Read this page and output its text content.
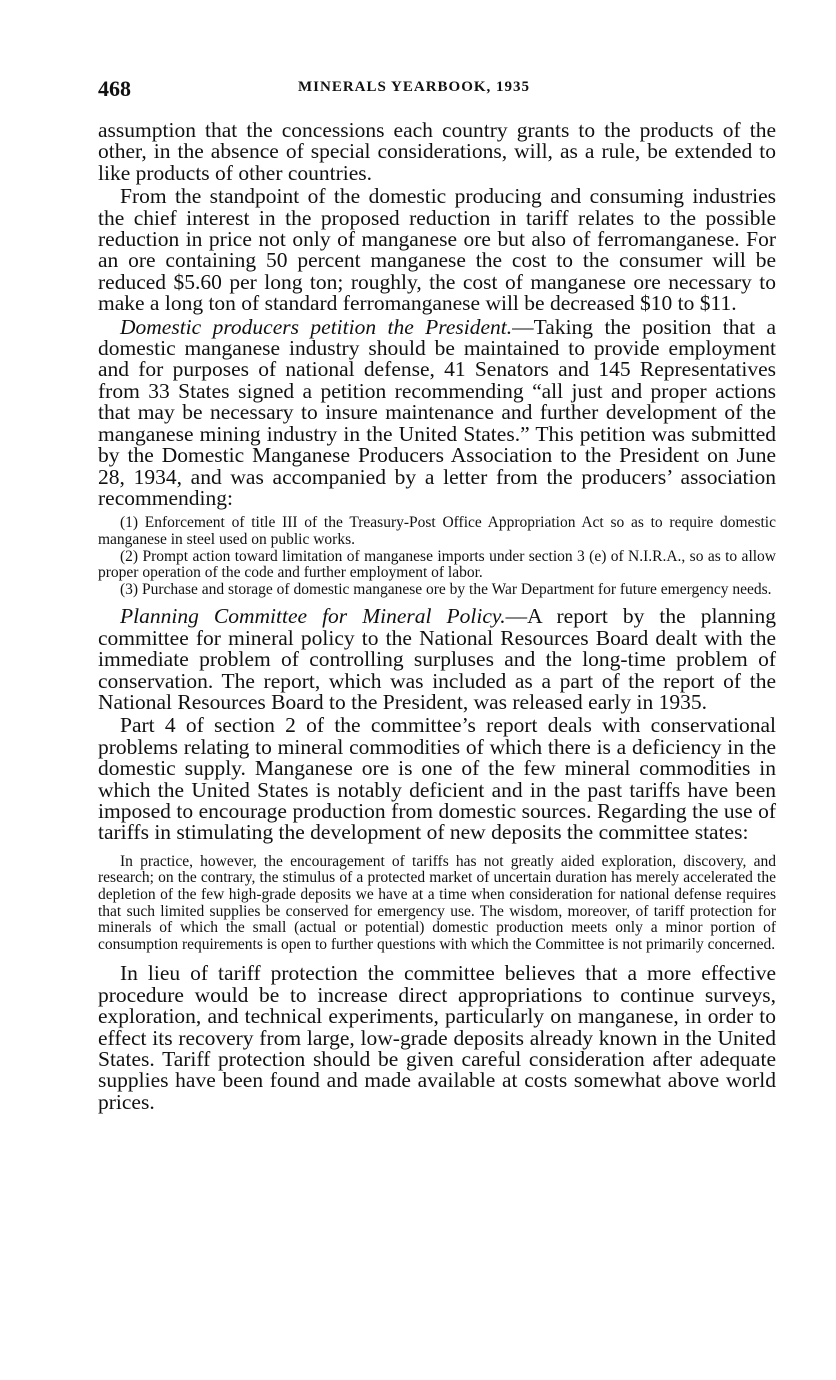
468	MINERALS YEARBOOK, 1935

assumption that the concessions each country grants to the products of the other, in the absence of special considerations, will, as a rule, be extended to like products of other countries.

From the standpoint of the domestic producing and consuming industries the chief interest in the proposed reduction in tariff relates to the possible reduction in price not only of manganese ore but also of ferromanganese. For an ore containing 50 percent manganese the cost to the consumer will be reduced $5.60 per long ton; roughly, the cost of manganese ore necessary to make a long ton of standard ferromanganese will be decreased $10 to $11.

Domestic producers petition the President.—Taking the position that a domestic manganese industry should be maintained to provide employment and for purposes of national defense, 41 Senators and 145 Representatives from 33 States signed a petition recommending “all just and proper actions that may be necessary to insure maintenance and further development of the manganese mining industry in the United States.” This petition was submitted by the Domestic Manganese Producers Association to the President on June 28, 1934, and was accompanied by a letter from the producers’ association recommending:

(1) Enforcement of title III of the Treasury-Post Office Appropriation Act so as to require domestic manganese in steel used on public works.
(2) Prompt action toward limitation of manganese imports under section 3 (e) of N.I.R.A., so as to allow proper operation of the code and further employment of labor.
(3) Purchase and storage of domestic manganese ore by the War Department for future emergency needs.

Planning Committee for Mineral Policy.—A report by the planning committee for mineral policy to the National Resources Board dealt with the immediate problem of controlling surpluses and the long-time problem of conservation. The report, which was included as a part of the report of the National Resources Board to the President, was released early in 1935.

Part 4 of section 2 of the committee’s report deals with conservational problems relating to mineral commodities of which there is a deficiency in the domestic supply. Manganese ore is one of the few mineral commodities in which the United States is notably deficient and in the past tariffs have been imposed to encourage production from domestic sources. Regarding the use of tariffs in stimulating the development of new deposits the committee states:

In practice, however, the encouragement of tariffs has not greatly aided exploration, discovery, and research; on the contrary, the stimulus of a protected market of uncertain duration has merely accelerated the depletion of the few high-grade deposits we have at a time when consideration for national defense requires that such limited supplies be conserved for emergency use. The wisdom, moreover, of tariff protection for minerals of which the small (actual or potential) domestic production meets only a minor portion of consumption requirements is open to further questions with which the Committee is not primarily concerned.

In lieu of tariff protection the committee believes that a more effective procedure would be to increase direct appropriations to continue surveys, exploration, and technical experiments, particularly on manganese, in order to effect its recovery from large, low-grade deposits already known in the United States. Tariff protection should be given careful consideration after adequate supplies have been found and made available at costs somewhat above world prices.
